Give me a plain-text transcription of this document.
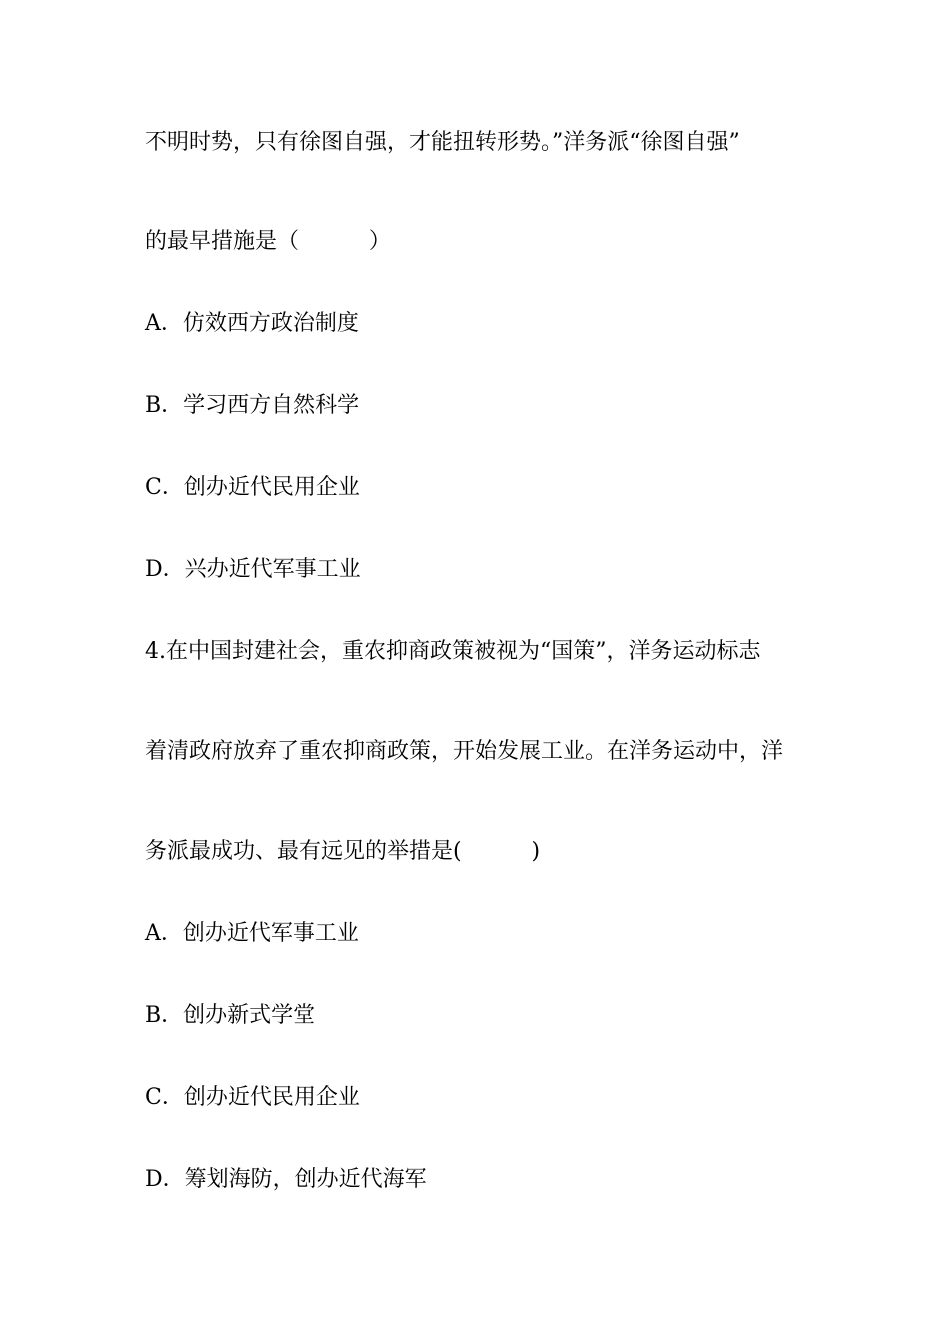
不明时势，只有徐图自强，才能扭转形势。”洋务派“徐图自强”
的最早措施是（          ）
A．仿效西方政治制度
B．学习西方自然科学
C．创办近代民用企业
D．兴办近代军事工业
4.在中国封建社会，重农抑商政策被视为“国策”，洋务运动标志
着清政府放弃了重农抑商政策，开始发展工业。在洋务运动中，洋
务派最成功、最有远见的举措是(          )
A．创办近代军事工业
B．创办新式学堂
C．创办近代民用企业
D．筹划海防，创办近代海军
